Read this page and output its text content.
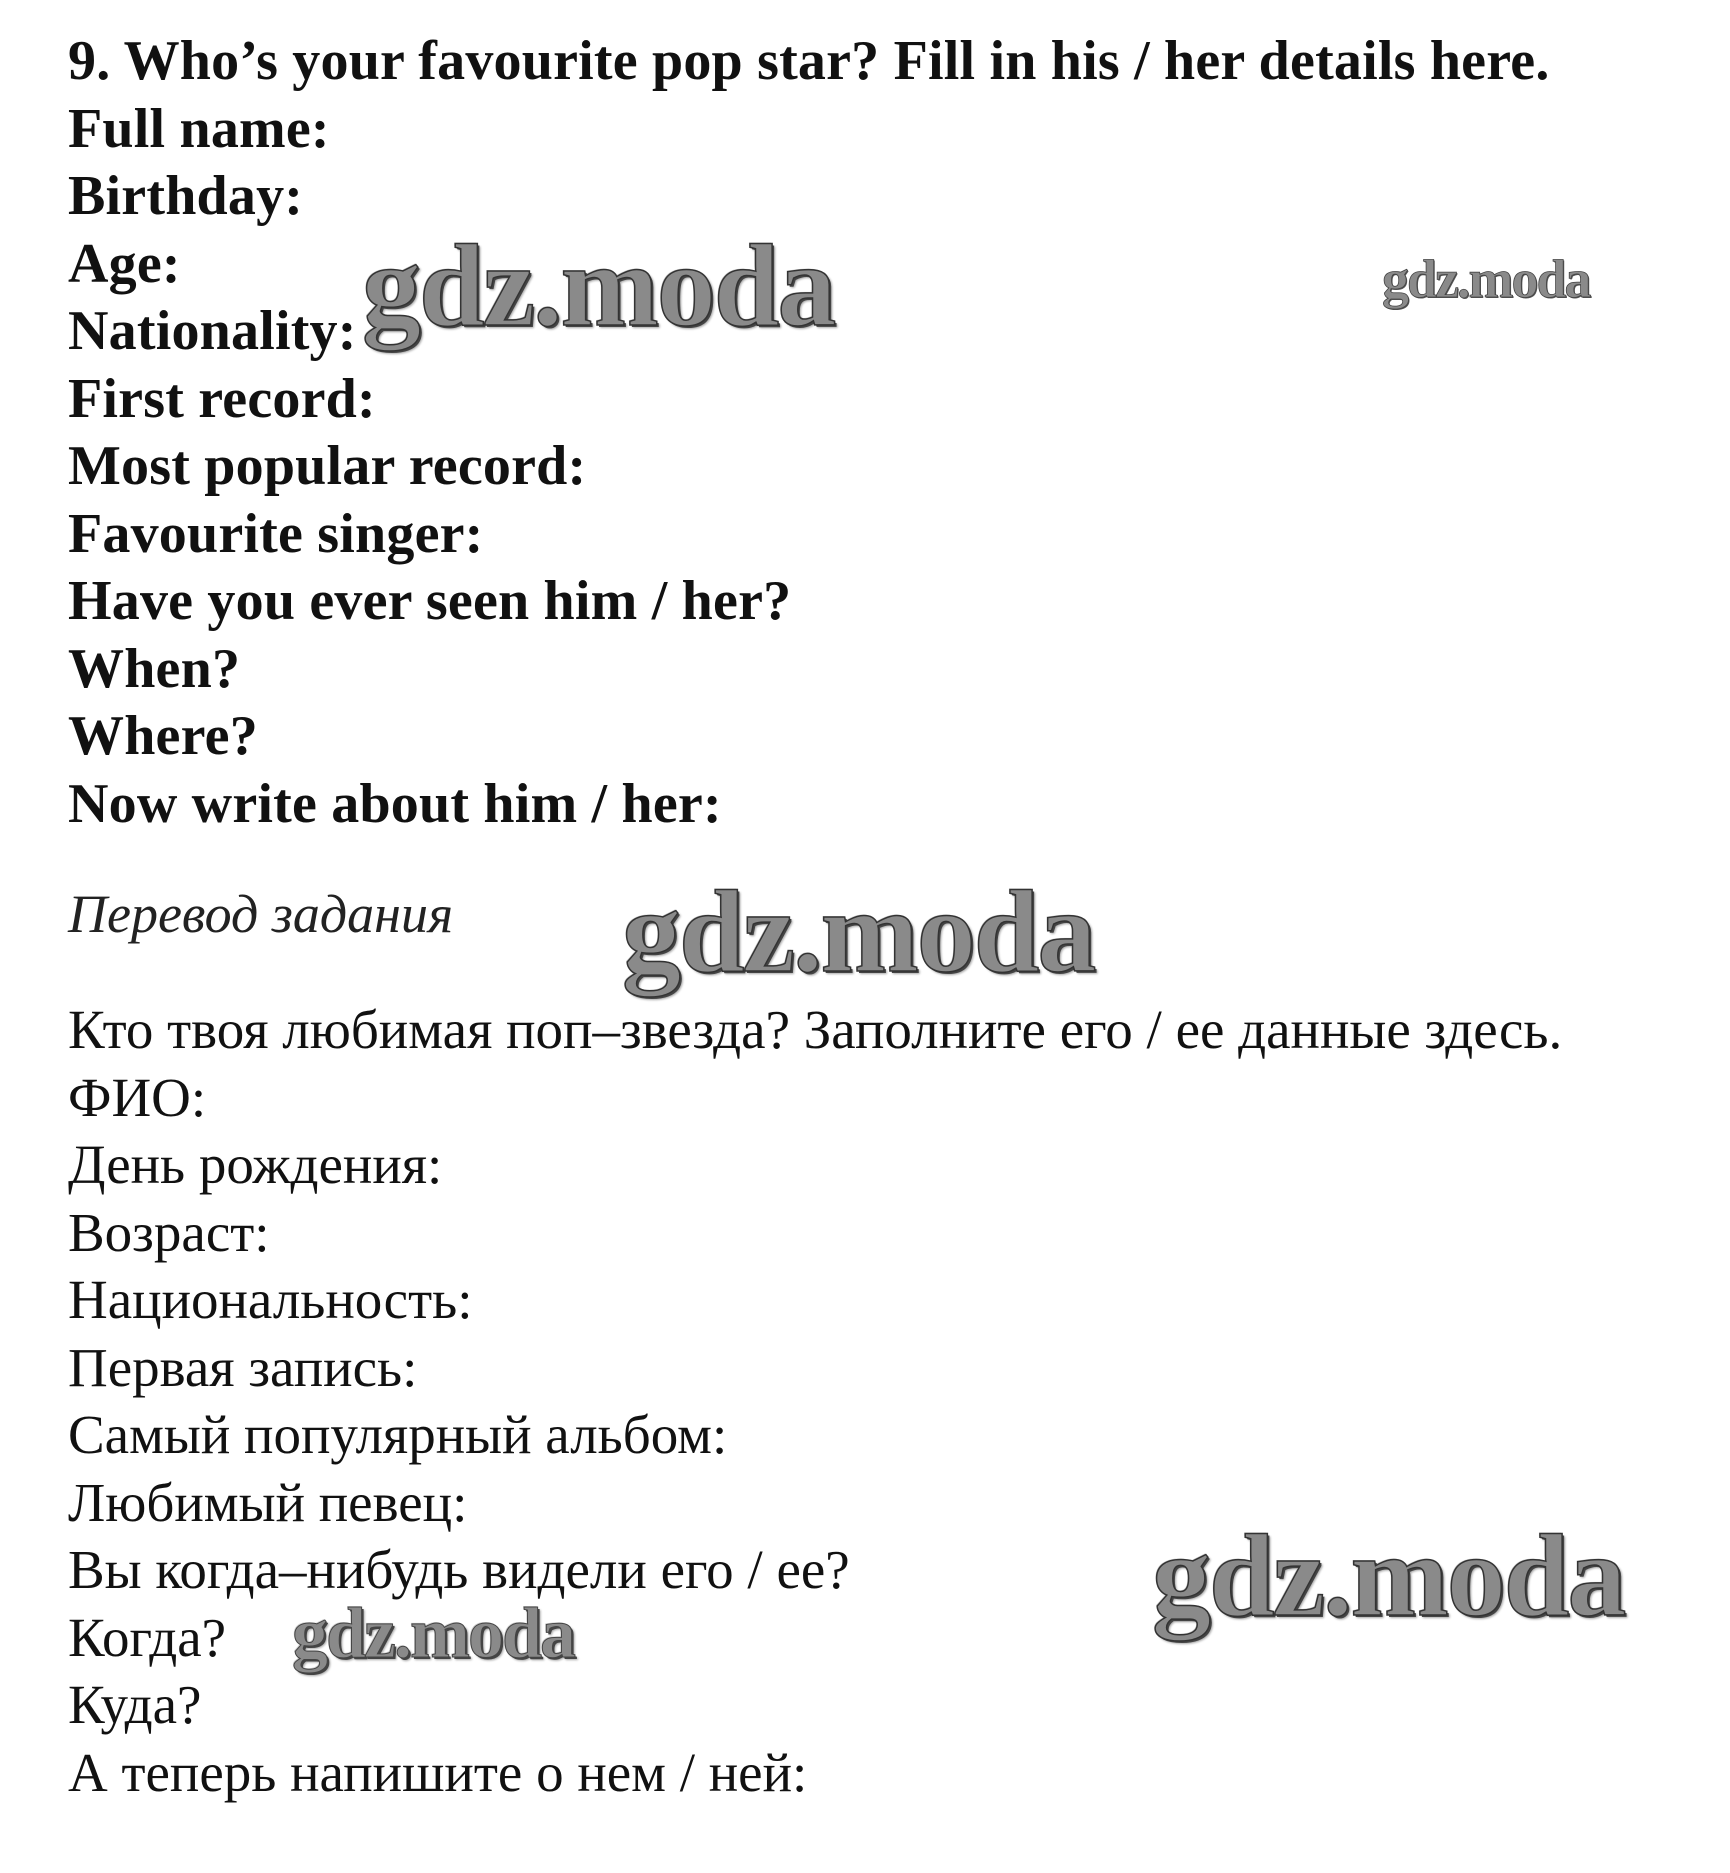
9. Who’s your favourite pop star? Fill in his / her details here.
Full name:
Birthday:
Age:
Nationality:
First record:
Most popular record:
Favourite singer:
Have you ever seen him / her?
When?
Where?
Now write about him / her:
Перевод задания
Кто твоя любимая поп–звезда? Заполните его / ее данные здесь.
ФИО:
День рождения:
Возраст:
Национальность:
Первая запись:
Самый популярный альбом:
Любимый певец:
Вы когда–нибудь видели его / ее?
Когда?
Куда?
А теперь напишите о нем / ней:
gdz.moda	gdz.moda
gdz.moda
gdz.moda
gdz.moda
